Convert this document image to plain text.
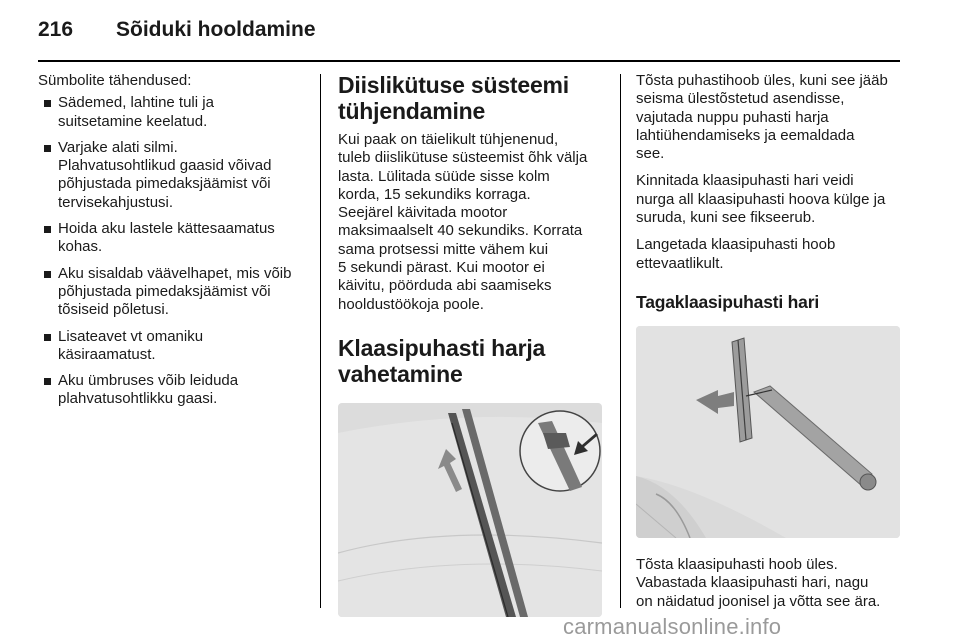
216	Sõiduki hooldamine

Sümbolite tähendused:

Sädemed, lahtine tuli ja
suitsetamine keelatud.
Varjake alati silmi.
Plahvatusohtlikud gaasid võivad
põhjustada pimedaksjäämist või
tervisekahjustusi.
Hoida aku lastele kättesaamatus
kohas.
Aku sisaldab väävelhapet, mis võib
põhjustada pimedaksjäämist või
tõsiseid põletusi.
Lisateavet vt omaniku
käsiraamatust.
Aku ümbruses võib leiduda
plahvatusohtlikku gaasi.
Diislikütuse süsteemi
tühjendamine

Kui paak on täielikult tühjenenud,
tuleb diislikütuse süsteemist õhk välja
lasta. Lülitada süüde sisse kolm
korda, 15 sekundiks korraga.
Seejärel käivitada mootor
maksimaalselt 40 sekundiks. Korrata
sama protsessi mitte vähem kui
5 sekundi pärast. Kui mootor ei
käivitu, pöörduda abi saamiseks
hooldustöökoja poole.

Klaasipuhasti harja
vahetamine

Tõsta puhastihoob üles, kuni see jääb
seisma ülestõstetud asendisse,
vajutada nuppu puhasti harja
lahtiühendamiseks ja eemaldada
see.

Kinnitada klaasipuhasti hari veidi
nurga all klaasipuhasti hoova külge ja
suruda, kuni see fikseerub.

Langetada klaasipuhasti hoob
ettevaatlikult.

Tagaklaasipuhasti hari

Tõsta klaasipuhasti hoob üles.
Vabastada klaasipuhasti hari, nagu
on näidatud joonisel ja võtta see ära.

carmanualsonline.info
